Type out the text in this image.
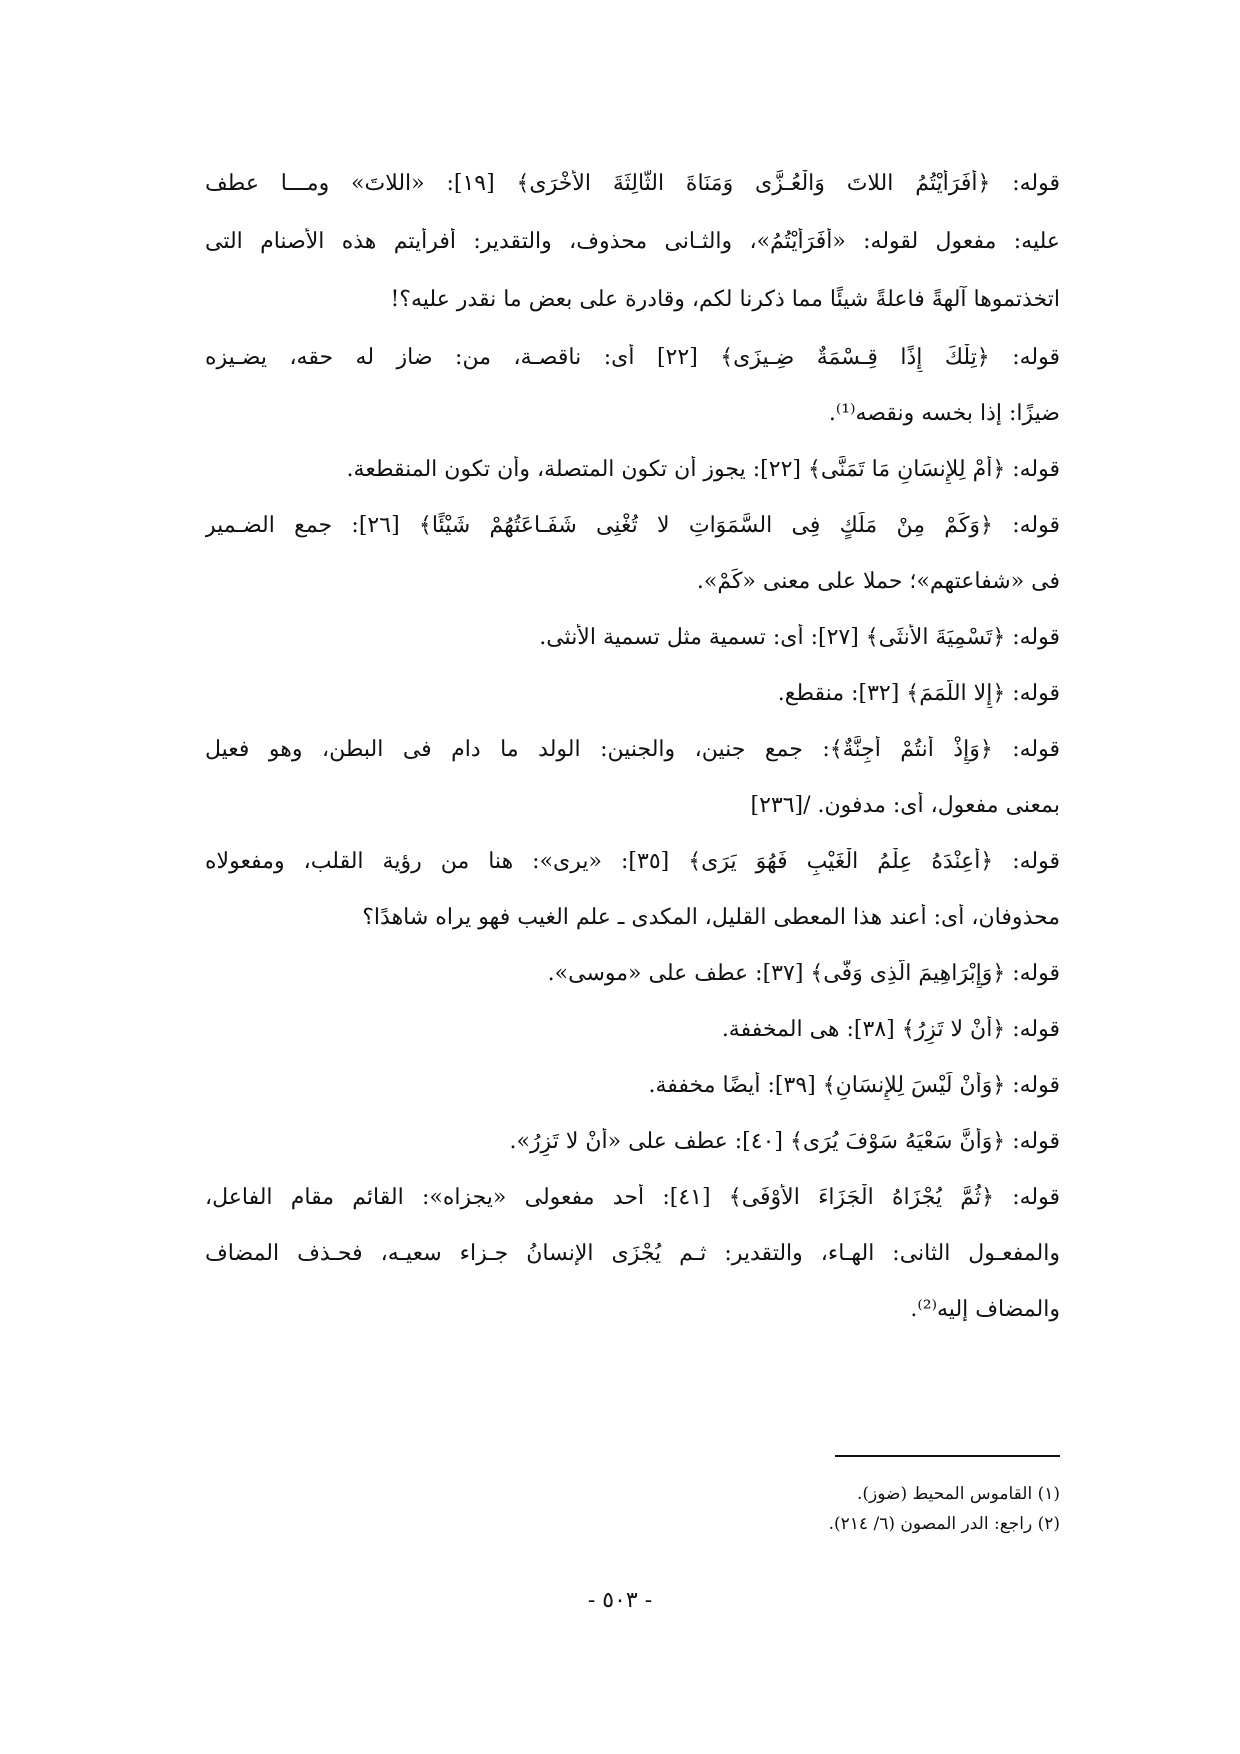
قوله: ﴿أَفَرَأَيْتُمُ اللاتَ وَالْعُـزَّى وَمَنَاةَ الثَّالِثَةَ الأُخْرَى﴾ [١٩]: «اللاتَ» ومـــا عطف
عليه: مفعول لقوله: «أَفَرَأَيْتُمُ»، والثـانى محذوف، والتقدير: أفرأيتم هذه الأصنام التى
اتخذتموها آلهةً فاعلةً شيئًا مما ذكرنا لكم، وقادرة على بعض ما نقدر عليه؟!
قوله: ﴿تِلْكَ إِذًا قِـسْمَةٌ ضِـيزَى﴾ [٢٢] أى: ناقصـة، من: ضاز له حقه، يضـيزه
ضيزًا: إذا بخسه ونقصه⁽¹⁾.
قوله: ﴿أَمْ لِلإِنسَانِ مَا تَمَنَّى﴾ [٢٢]: يجوز أن تكون المتصلة، وأن تكون المنقطعة.
قوله: ﴿وَكَمْ مِنْ مَلَكٍ فِى السَّمَوَاتِ لا تُغْنِى شَفَـاعَتُهُمْ شَيْئًا﴾ [٢٦]: جمع الضـمير
فى «شفاعتهم»؛ حملا على معنى «كَمْ».
قوله: ﴿تَسْمِيَةَ الأُنثَى﴾ [٢٧]: أى: تسمية مثل تسمية الأنثى.
قوله: ﴿إِلا اللَّمَمَ﴾ [٣٢]: منقطع.
قوله: ﴿وَإِذْ أَنتُمْ أَجِنَّةٌ﴾: جمع جنين، والجنين: الولد ما دام فى البطن، وهو فعيل
بمعنى مفعول، أى: مدفون. /[٢٣٦]
قوله: ﴿أَعِنْدَهُ عِلْمُ الْغَيْبِ فَهُوَ يَرَى﴾ [٣٥]: «يرى»: هنا من رؤية القلب، ومفعولاه
محذوفان، أى: أعند هذا المعطى القليل، المكدى ـ علم الغيب فهو يراه شاهدًا؟
قوله: ﴿وَإِبْرَاهِيمَ الَّذِى وَفَّى﴾ [٣٧]: عطف على «موسى».
قوله: ﴿أَنْ لا تَزِرُ﴾ [٣٨]: هى المخففة.
قوله: ﴿وَأَنْ لَيْسَ لِلإِنسَانِ﴾ [٣٩]: أيضًا مخففة.
قوله: ﴿وَأَنَّ سَعْيَهُ سَوْفَ يُرَى﴾ [٤٠]: عطف على «أَنْ لا تَزِرُ».
قوله: ﴿ثُمَّ يُجْزَاهُ الْجَزَاءَ الأَوْفَى﴾ [٤١]: أحد مفعولى «يجزاه»: القائم مقام الفاعل،
والمفعـول الثانى: الهـاء، والتقدير: ثـم يُجْزَى الإنسانُ جـزاء سعيـه، فحـذف المضاف
والمضاف إليه⁽²⁾.
(١) القاموس المحيط (ضوز).
(٢) راجع: الدر المصون (٦/ ٢١٤).
- ٥٠٣ -
